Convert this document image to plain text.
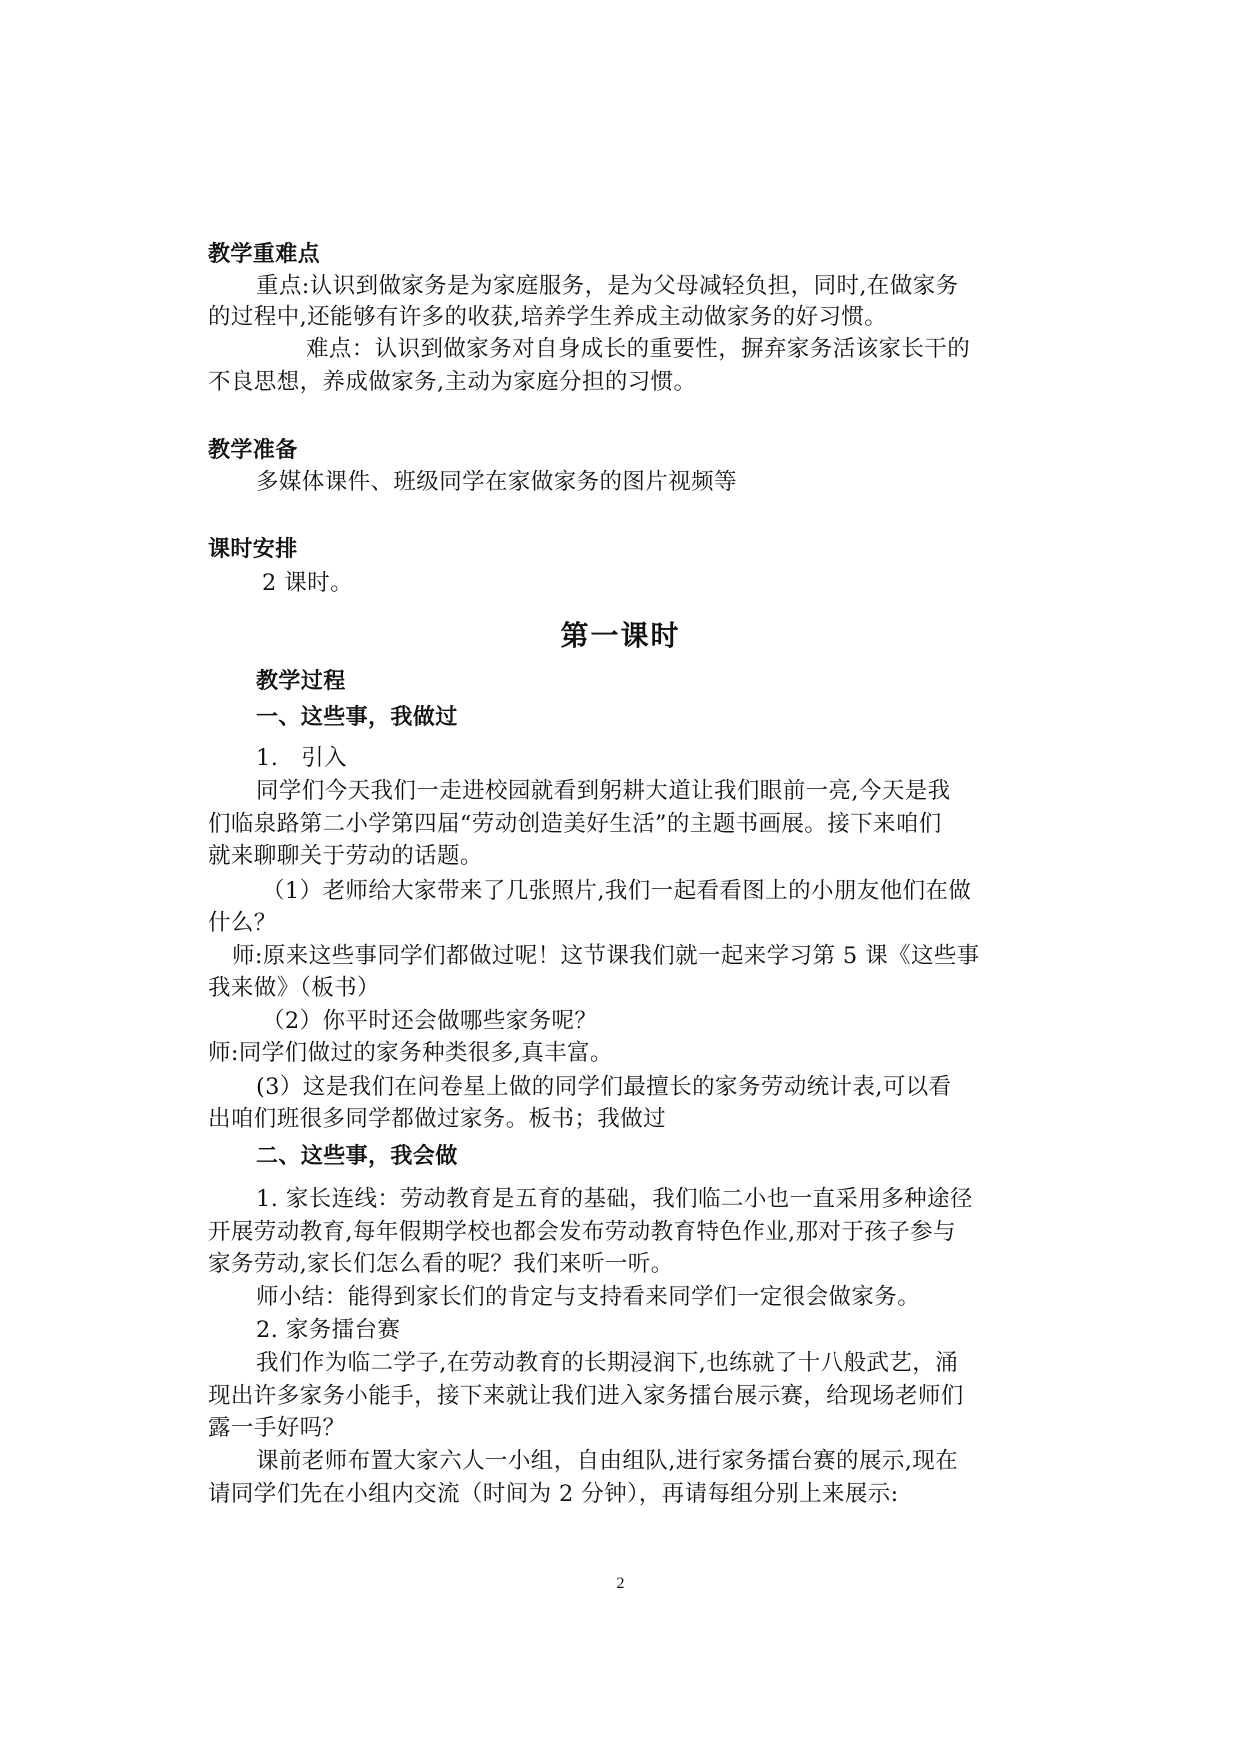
教学重难点
重点:认识到做家务是为家庭服务，是为父母减轻负担，同时,在做家务
的过程中,还能够有许多的收获,培养学生养成主动做家务的好习惯。
难点：认识到做家务对自身成长的重要性，摒弃家务活该家长干的
不良思想，养成做家务,主动为家庭分担的习惯。
教学准备
多媒体课件、班级同学在家做家务的图片视频等
课时安排
2 课时。
第一课时
教学过程
一、这些事，我做过
1.　引入
同学们今天我们一走进校园就看到躬耕大道让我们眼前一亮,今天是我
们临泉路第二小学第四届“劳动创造美好生活”的主题书画展。接下来咱们
就来聊聊关于劳动的话题。
（1）老师给大家带来了几张照片,我们一起看看图上的小朋友他们在做
什么？
师:原来这些事同学们都做过呢！这节课我们就一起来学习第 5 课《这些事
我来做》（板书）
（2）你平时还会做哪些家务呢？
师:同学们做过的家务种类很多,真丰富。
(3）这是我们在问卷星上做的同学们最擅长的家务劳动统计表,可以看
出咱们班很多同学都做过家务。板书；我做过
二、这些事，我会做
1. 家长连线：劳动教育是五育的基础，我们临二小也一直采用多种途径
开展劳动教育,每年假期学校也都会发布劳动教育特色作业,那对于孩子参与
家务劳动,家长们怎么看的呢？我们来听一听。
师小结：能得到家长们的肯定与支持看来同学们一定很会做家务。
2. 家务擂台赛
我们作为临二学子,在劳动教育的长期浸润下,也练就了十八般武艺，涌
现出许多家务小能手，接下来就让我们进入家务擂台展示赛，给现场老师们
露一手好吗？
课前老师布置大家六人一小组，自由组队,进行家务擂台赛的展示,现在
请同学们先在小组内交流（时间为 2 分钟），再请每组分别上来展示:
2
